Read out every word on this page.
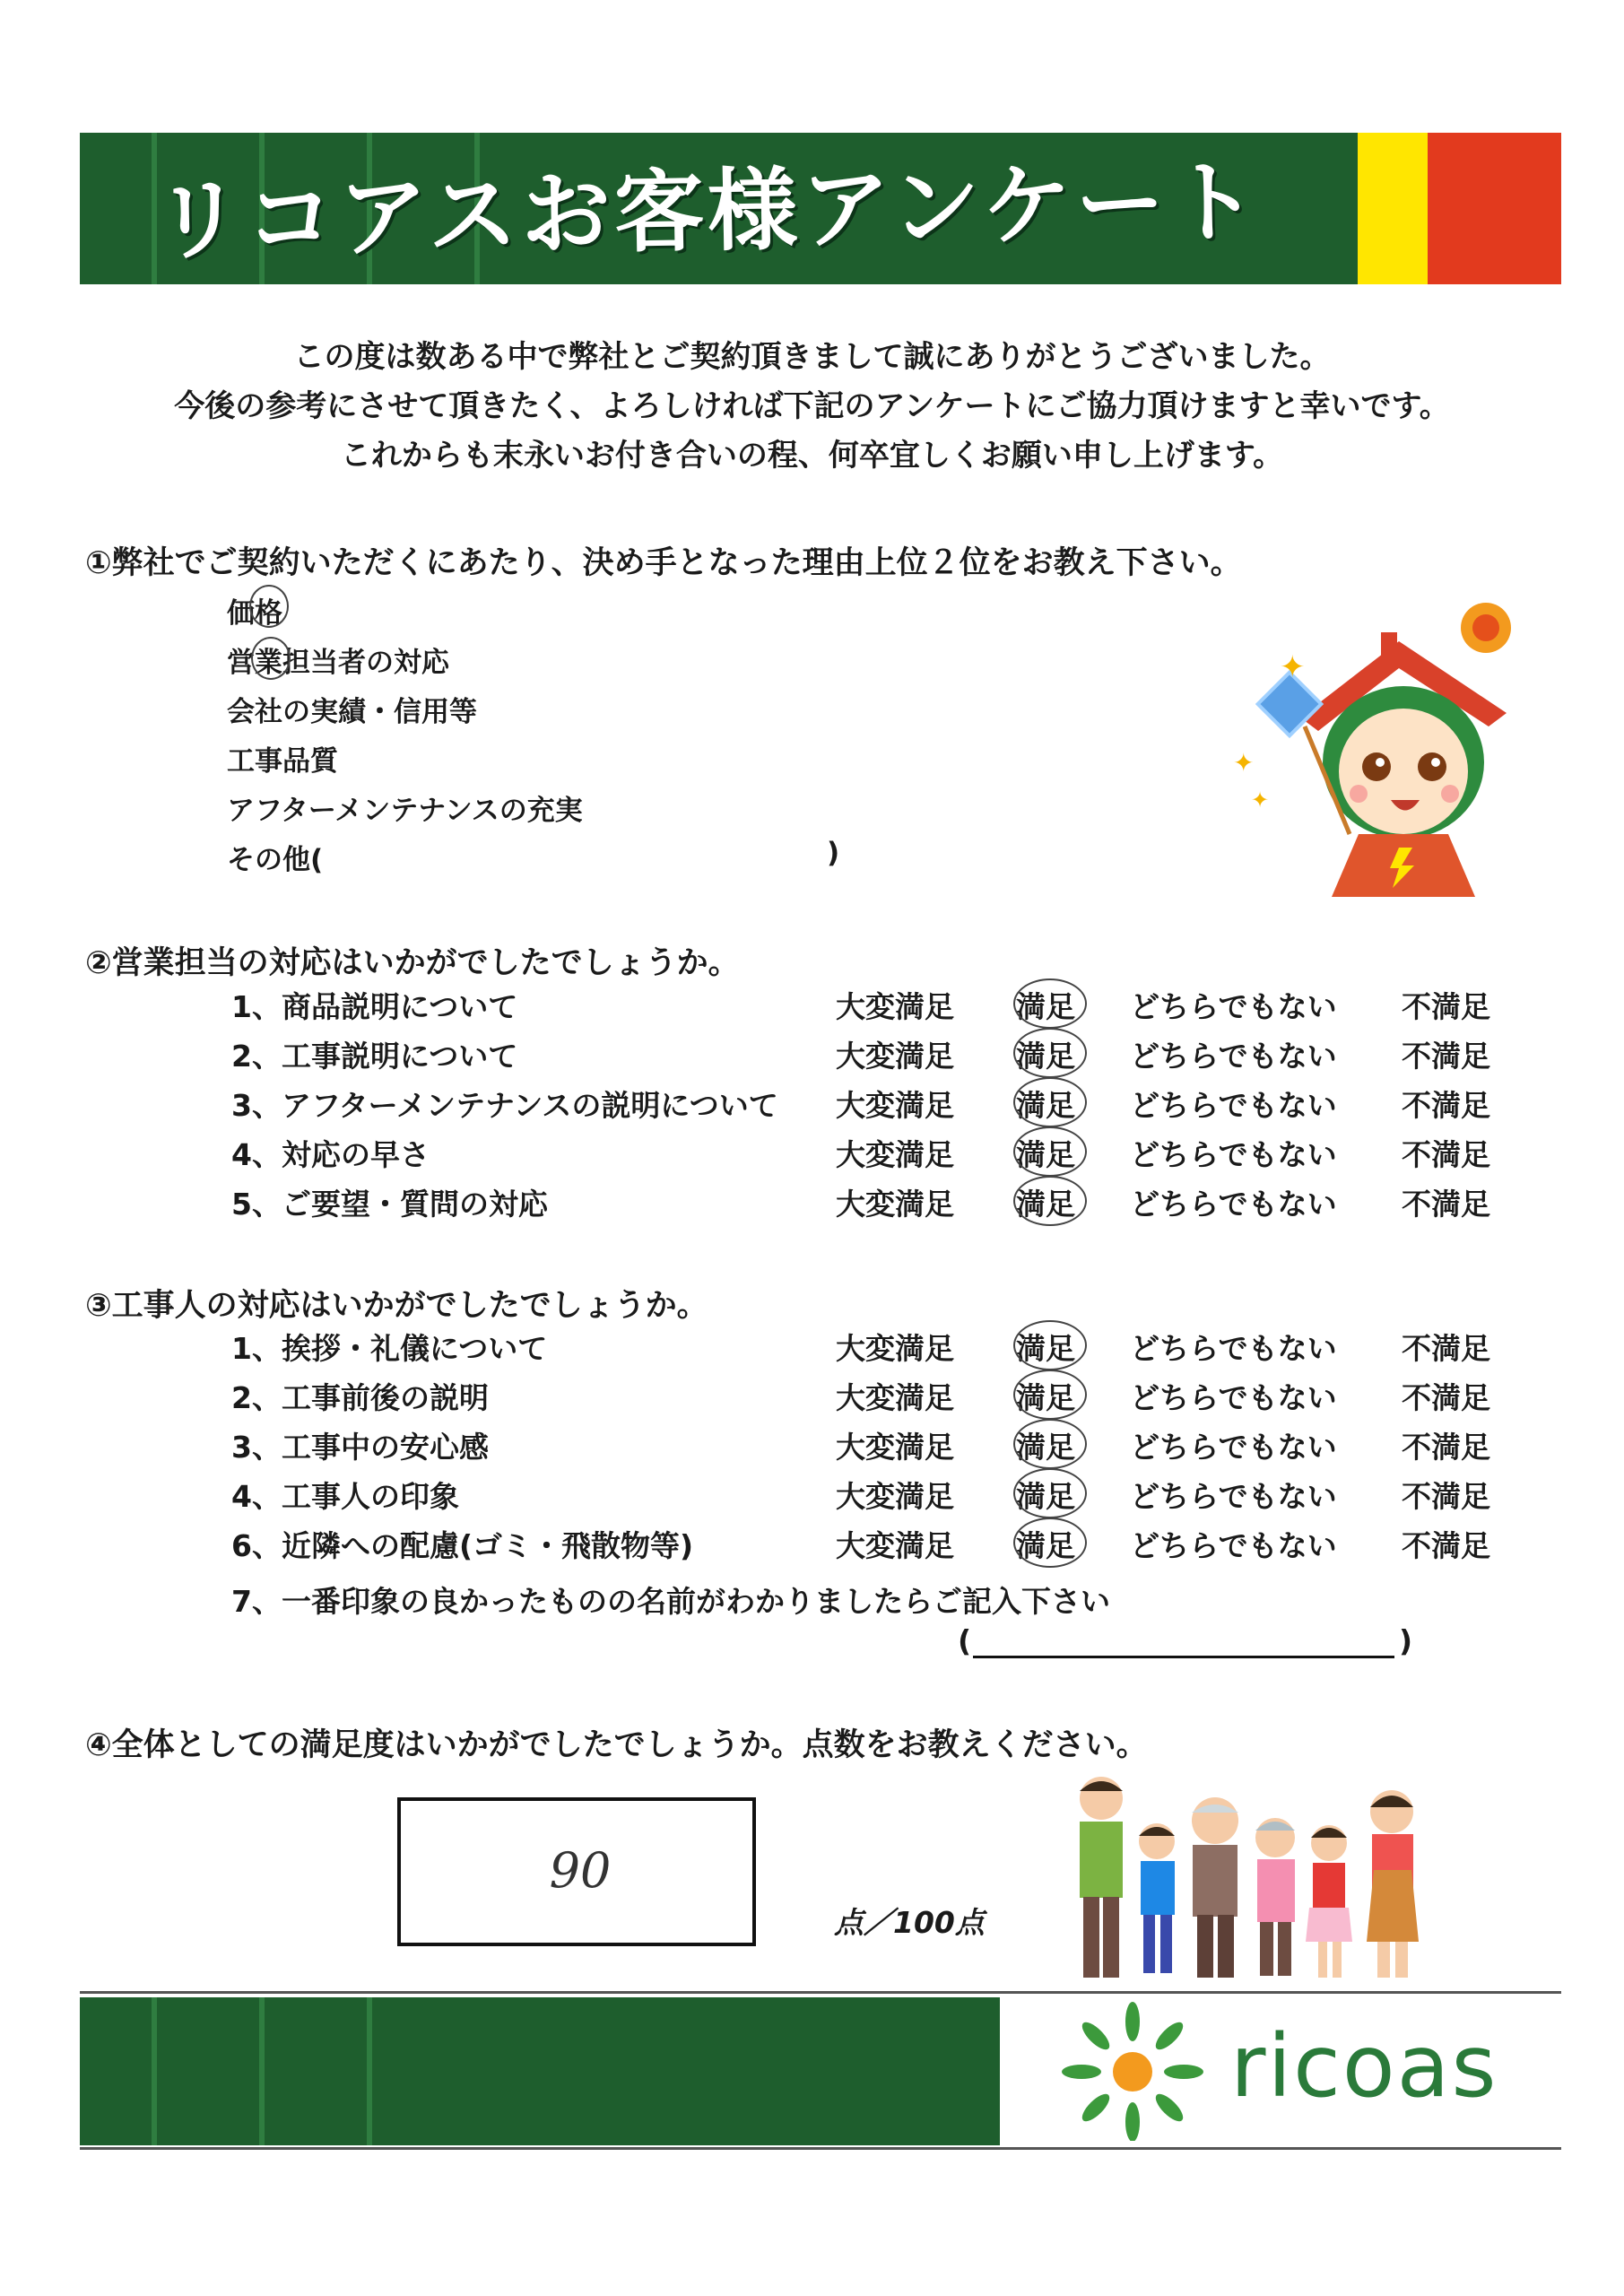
リコアスお客様アンケート
この度は数ある中で弊社とご契約頂きまして誠にありがとうございました。
今後の参考にさせて頂きたく、よろしければ下記のアンケートにご協力頂けますと幸いです。
これからも末永いお付き合いの程、何卒宜しくお願い申し上げます。
①弊社でご契約いただくにあたり、決め手となった理由上位２位をお教え下さい。
価格
営業担当者の対応
会社の実績・信用等
工事品質
アフターメンテナンスの充実
その他(	)
✦
✦
✦
②営業担当の対応はいかがでしたでしょうか。
1、商品説明について	大変満足 満足 どちらでもない 不満足
2、工事説明について	大変満足 満足 どちらでもない 不満足
3、アフターメンテナンスの説明について 大変満足 満足 どちらでもない 不満足
4、対応の早さ	大変満足 満足 どちらでもない 不満足
5、ご要望・質問の対応	大変満足 満足 どちらでもない 不満足
③工事人の対応はいかがでしたでしょうか。
1、挨拶・礼儀について	大変満足 満足 どちらでもない 不満足
2、工事前後の説明	大変満足 満足 どちらでもない 不満足
3、工事中の安心感	大変満足 満足 どちらでもない 不満足
4、工事人の印象	大変満足 満足 どちらでもない 不満足
6、近隣への配慮(ゴミ・飛散物等)	大変満足 満足 どちらでもない 不満足
7、一番印象の良かったものの名前がわかりましたらご記入下さい
(	)
④全体としての満足度はいかがでしたでしょうか。点数をお教えください。
90
点／100点
ricoas
